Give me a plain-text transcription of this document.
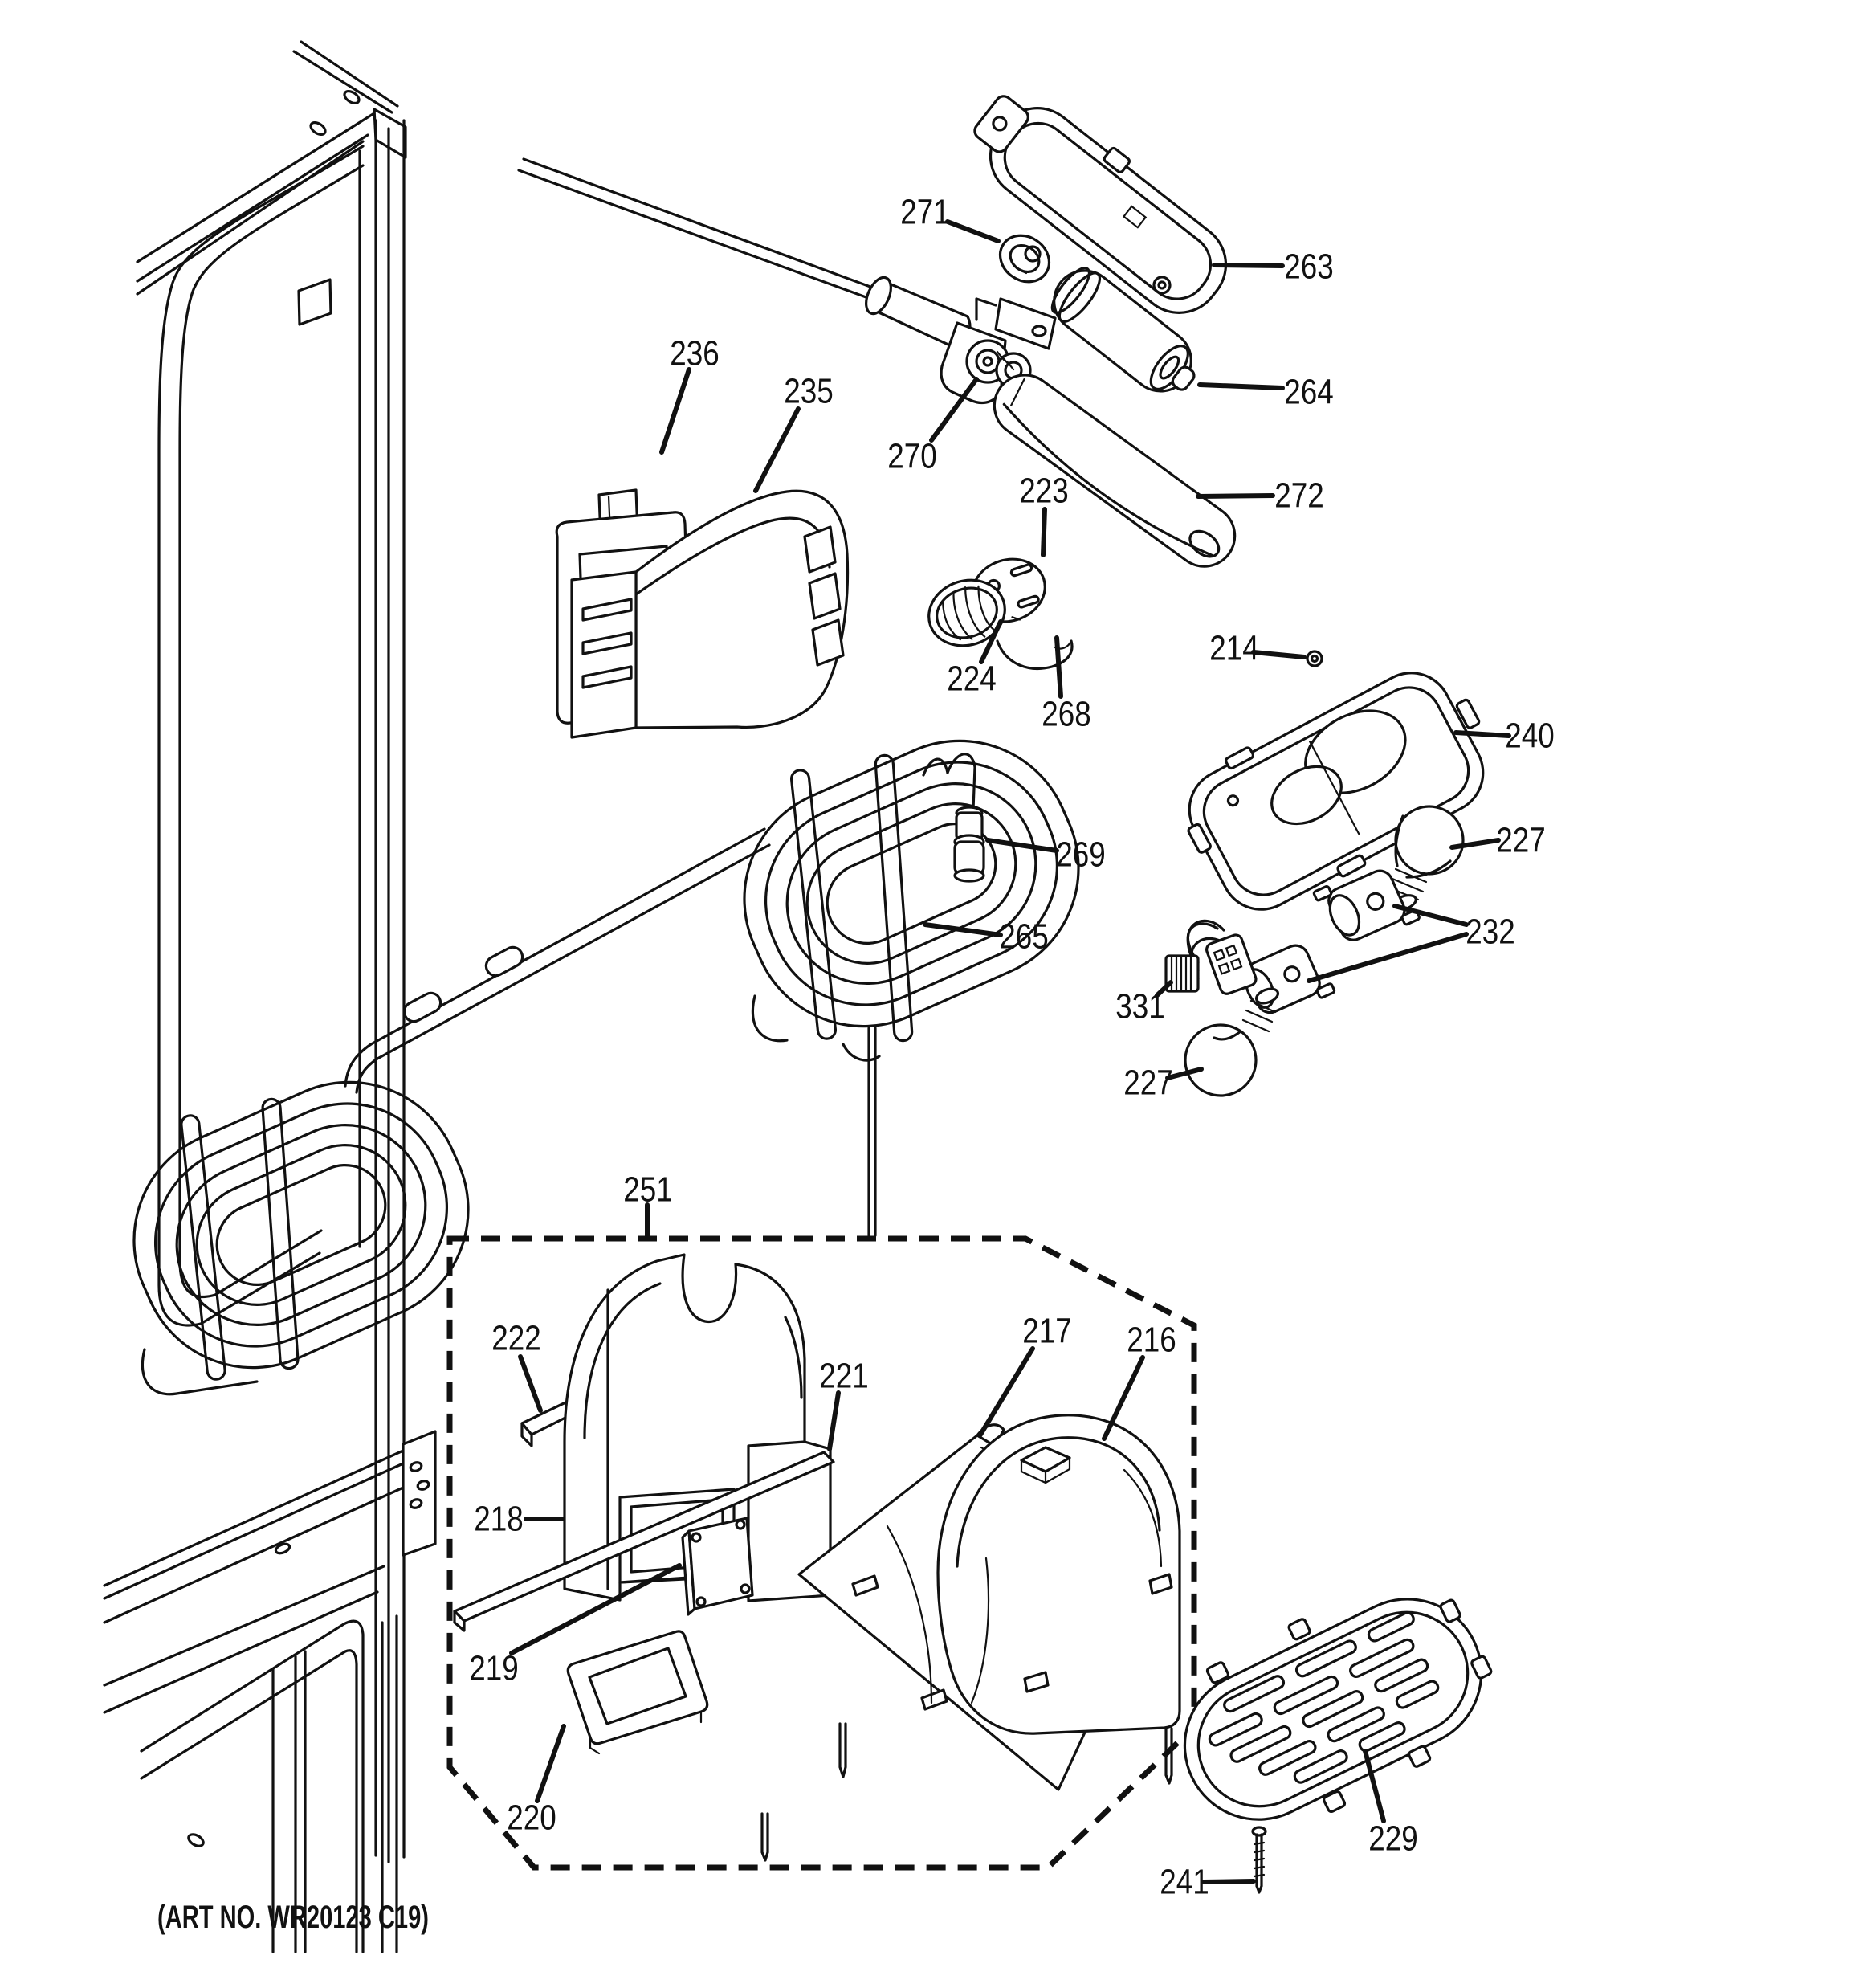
271
263
264
272
270
236
235
223
224
268
214
240
227
232
331
227
269
265
251
222
221
217 216
218
219
220
229
241
(ART NO. WR20123 C19)
